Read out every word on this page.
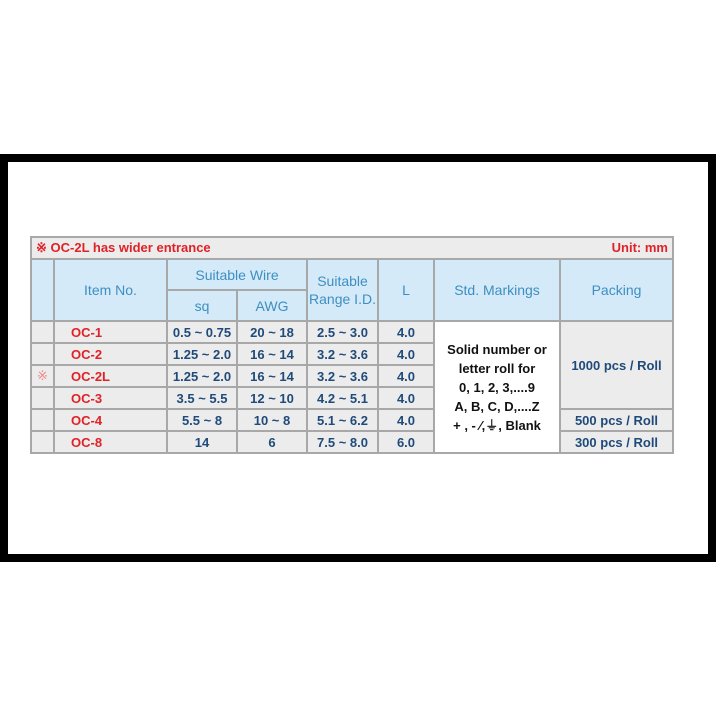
※ OC-2L has wider entrance Unit: mm							

	Item No.	Suitable Wire		Suitable Range I.D.	L	Std. Markings	Packing
		sq	AWG				
	OC-1	0.5 ~ 0.75	20 ~ 18	2.5 ~ 3.0	4.0	Solid number or
letter roll for
0, 1, 2, 3,....9
A, B, C, D,....Z
+ , - ⁄,⏚, Blank	1000 pcs / Roll
	OC-2	1.25 ~ 2.0	16 ~ 14	3.2 ~ 3.6	4.0		
※	OC-2L	1.25 ~ 2.0	16 ~ 14	3.2 ~ 3.6	4.0		
	OC-3	3.5 ~ 5.5	12 ~ 10	4.2 ~ 5.1	4.0		
	OC-4	5.5 ~ 8	10 ~ 8	5.1 ~ 6.2	4.0		500 pcs / Roll
	OC-8	14	6	7.5 ~ 8.0	6.0		300 pcs / Roll
